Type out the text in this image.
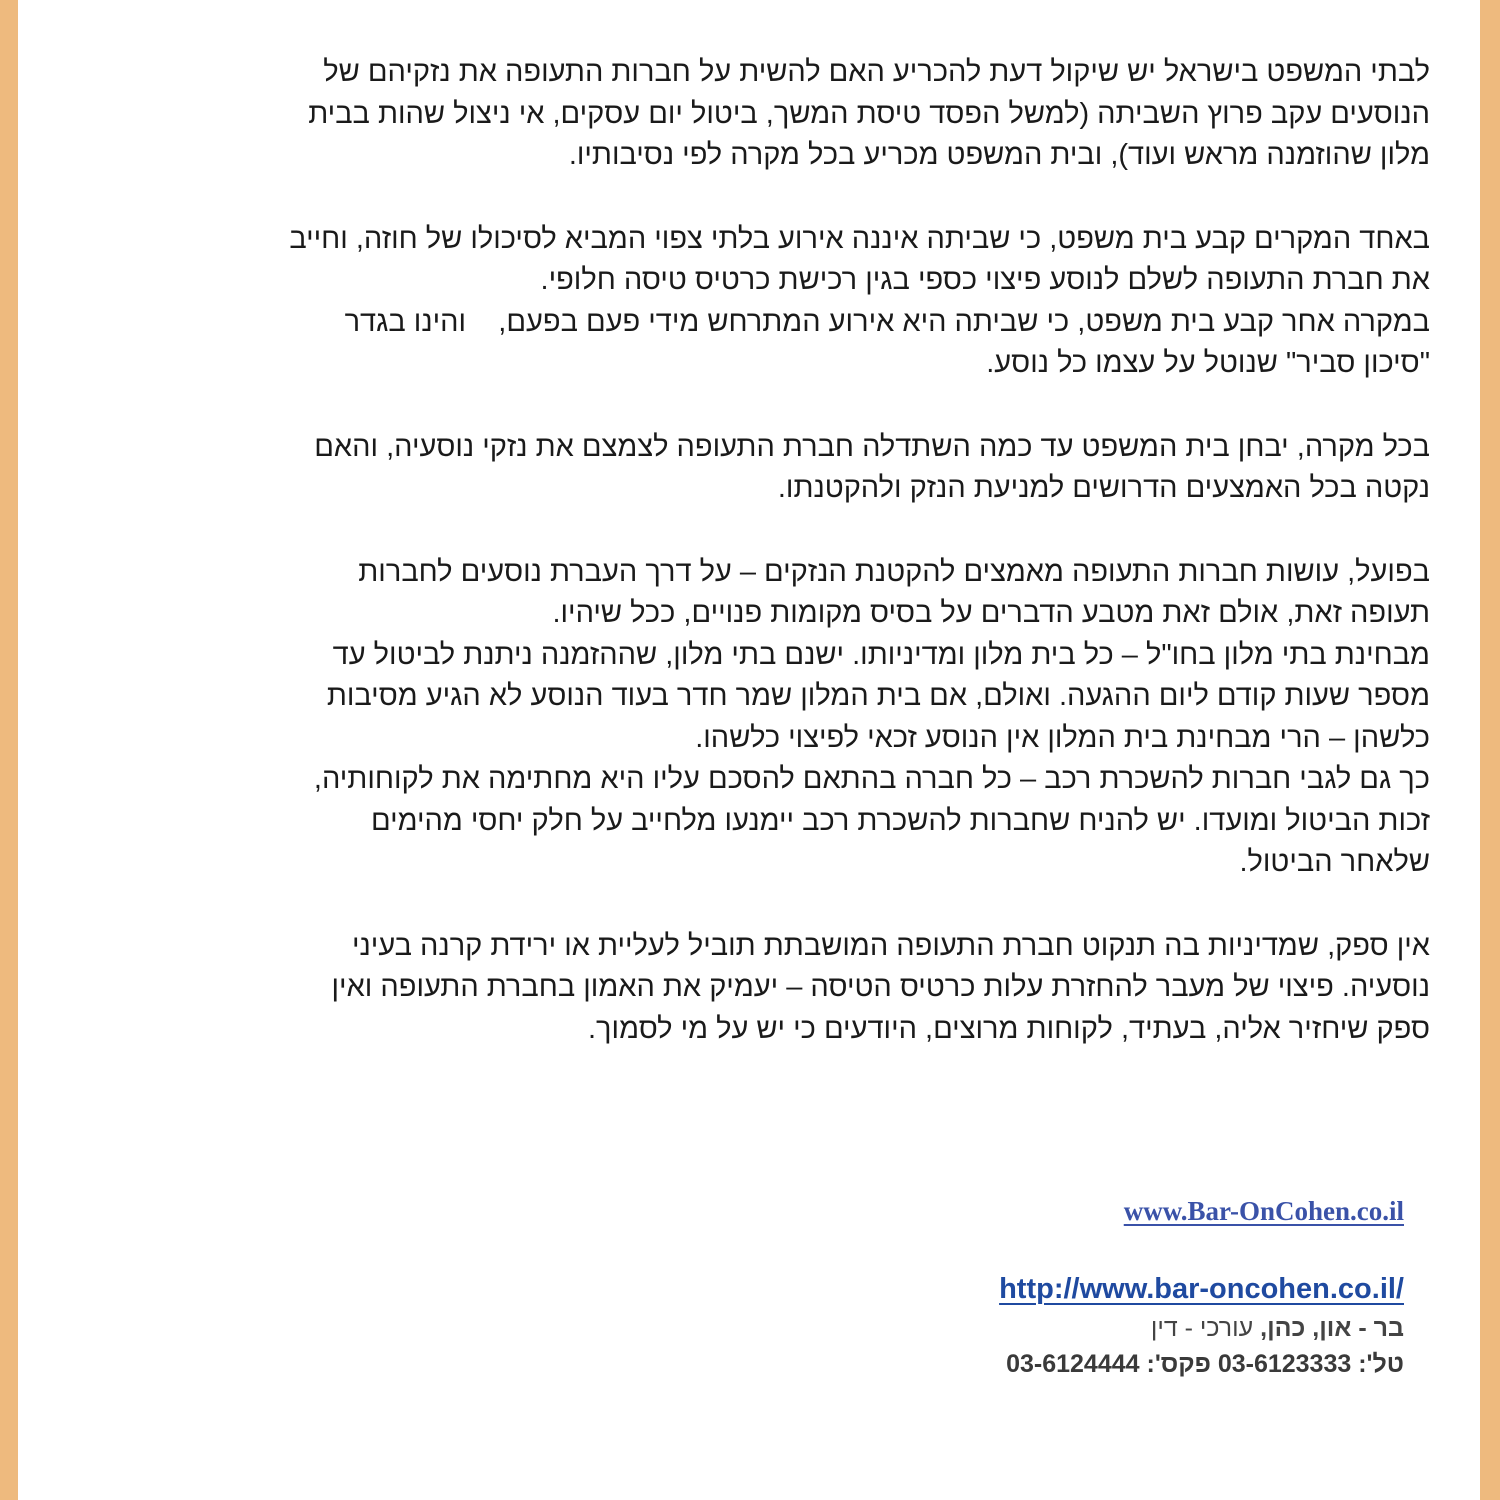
לבתי המשפט בישראל יש שיקול דעת להכריע האם להשית על חברות התעופה את נזקיהם של
הנוסעים עקב פרוץ השביתה (למשל הפסד טיסת המשך, ביטול יום עסקים, אי ניצול שהות בבית
מלון שהוזמנה מראש ועוד), ובית המשפט מכריע בכל מקרה לפי נסיבותיו.

באחד המקרים קבע בית משפט, כי שביתה איננה אירוע בלתי צפוי המביא לסיכולו של חוזה, וחייב
את חברת התעופה לשלם לנוסע פיצוי כספי בגין רכישת כרטיס טיסה חלופי.
במקרה אחר קבע בית משפט, כי שביתה היא אירוע המתרחש מידי פעם בפעם,    והינו בגדר
"סיכון סביר" שנוטל על עצמו כל נוסע.

בכל מקרה, יבחן בית המשפט עד כמה השתדלה חברת התעופה לצמצם את נזקי נוסעיה, והאם
נקטה בכל האמצעים הדרושים למניעת הנזק ולהקטנתו.

בפועל, עושות חברות התעופה מאמצים להקטנת הנזקים – על דרך העברת נוסעים לחברות
תעופה זאת, אולם זאת מטבע הדברים על בסיס מקומות פנויים, ככל שיהיו.
מבחינת בתי מלון בחו"ל – כל בית מלון ומדיניותו. ישנם בתי מלון, שההזמנה ניתנת לביטול עד
מספר שעות קודם ליום ההגעה. ואולם, אם בית המלון שמר חדר בעוד הנוסע לא הגיע מסיבות
כלשהן – הרי מבחינת בית המלון אין הנוסע זכאי לפיצוי כלשהו.
כך גם לגבי חברות להשכרת רכב – כל חברה בהתאם להסכם עליו היא מחתימה את לקוחותיה,
זכות הביטול ומועדו. יש להניח שחברות להשכרת רכב יימנעו מלחייב על חלק יחסי מהימים
שלאחר הביטול.

אין ספק, שמדיניות בה תנקוט חברת התעופה המושבתת תוביל לעליית או ירידת קרנה בעיני
נוסעיה. פיצוי של מעבר להחזרת עלות כרטיס הטיסה – יעמיק את האמון בחברת התעופה ואין
ספק שיחזיר אליה, בעתיד, לקוחות מרוצים, היודעים כי יש על מי לסמוך.

www.Bar-OnCohen.co.il
http://www.bar-oncohen.co.il/
בר - און, כהן, עורכי - דין
טל': 03-6123333 פקס': 03-6124444
